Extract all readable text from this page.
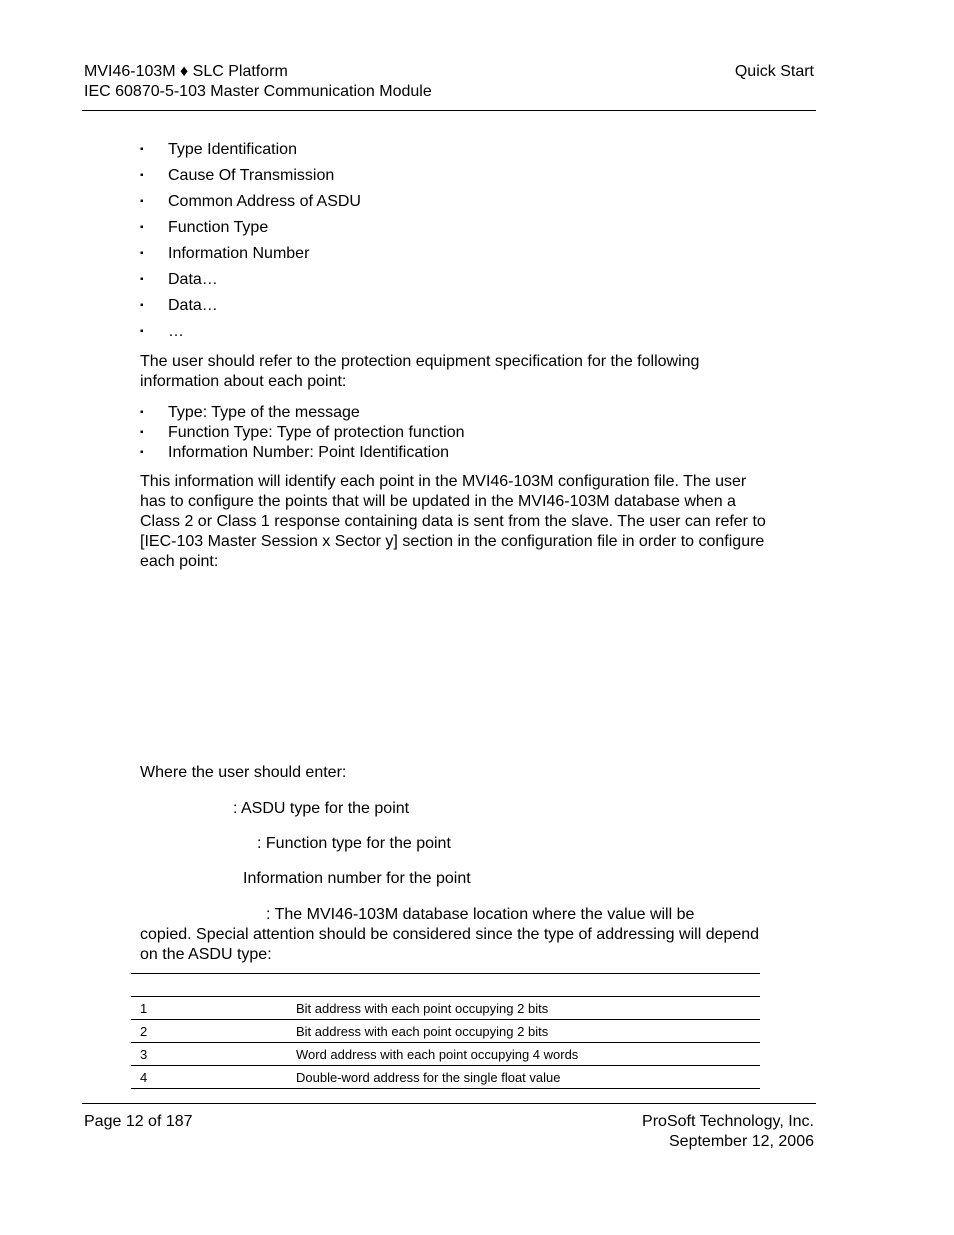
MVI46-103M ♦ SLC Platform
IEC 60870-5-103 Master Communication Module
Quick Start
▪ Type Identification
▪ Cause Of Transmission
▪ Common Address of ASDU
▪ Function Type
▪ Information Number
▪ Data…
▪ Data…
▪ …
The user should refer to the protection equipment specification for the following information about each point:
▪ Type: Type of the message
▪ Function Type: Type of protection function
▪ Information Number: Point Identification
This information will identify each point in the MVI46-103M configuration file. The user has to configure the points that will be updated in the MVI46-103M database when a Class 2 or Class 1 response containing data is sent from the slave. The user can refer to [IEC-103 Master Session x Sector y] section in the configuration file in order to configure each point:
Where the user should enter:
: ASDU type for the point
: Function type for the point
Information number for the point
: The MVI46-103M database location where the value will be
copied. Special attention should be considered since the type of addressing will depend on the ASDU type:

1	Bit address with each point occupying 2 bits
2	Bit address with each point occupying 2 bits
3	Word address with each point occupying 4 words
4	Double-word address for the single float value
Page 12 of 187	ProSoft Technology, Inc.
September 12, 2006
